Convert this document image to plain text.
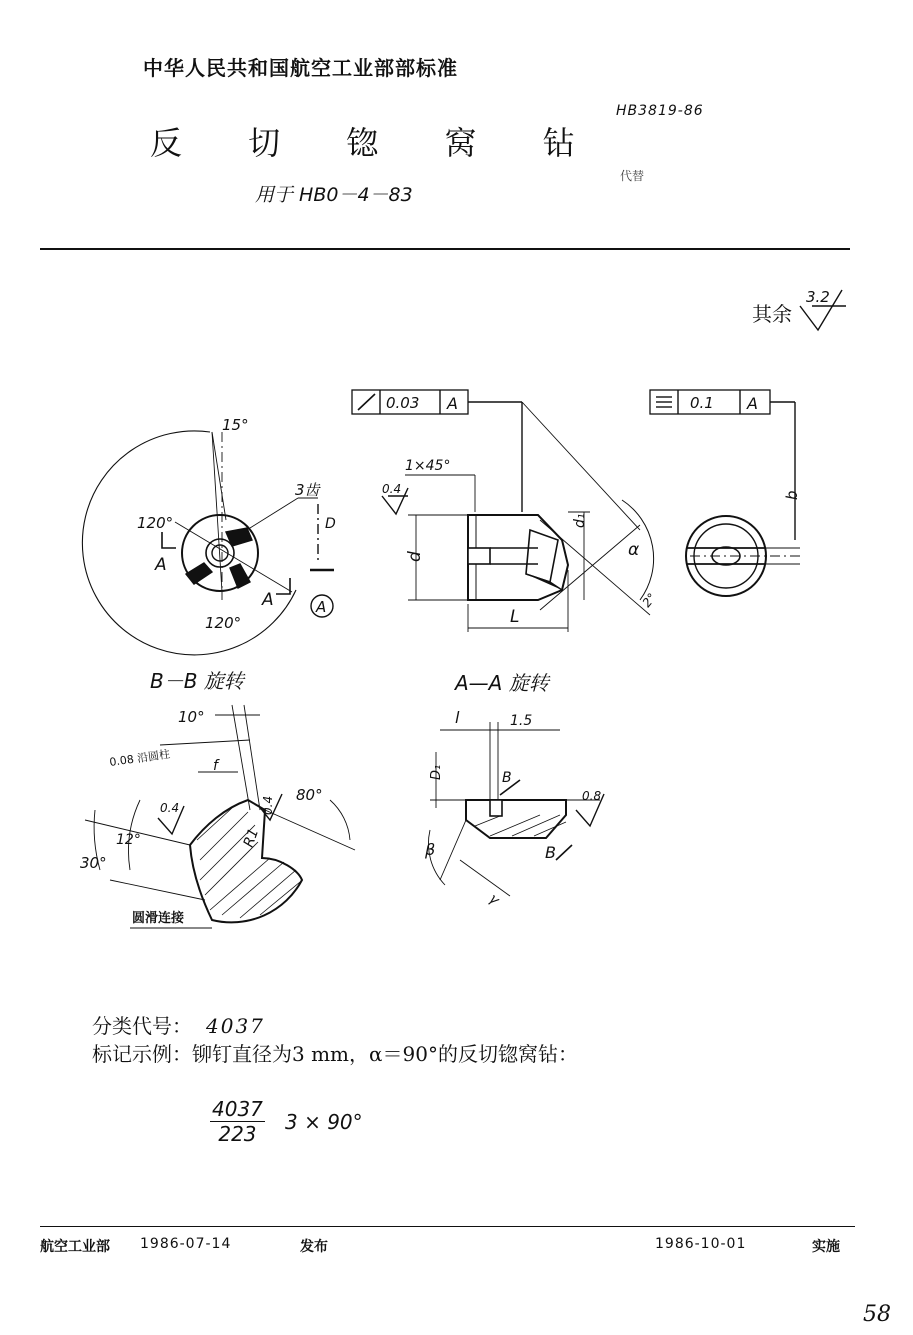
中华人民共和国航空工业部部标准
反 切 锪 窝 钻
用于 HB0－4－83
HB3819-86
代替
其余
3.2
15°
3齿
120°
120°
A
A
D
A
0.03 A
0.4
d
1×45°
L
d₁
α
2°
0.1 A
b
B－B 旋转
10°
0.08 沿圆柱	f
0.4	0.4
80°
12°
30°
R1
圆滑连接
A—A 旋转
l	1.5
D₁	B
0.8
B
β
γ
分类代号： 4037
标记示例：铆钉直径为3 mm，α＝90°的反切锪窝钻：
$\frac{4037}{223} 3 \times 90^\circ$
航空工业部 1986-07-14	发布	1986-10-01	实施
58
